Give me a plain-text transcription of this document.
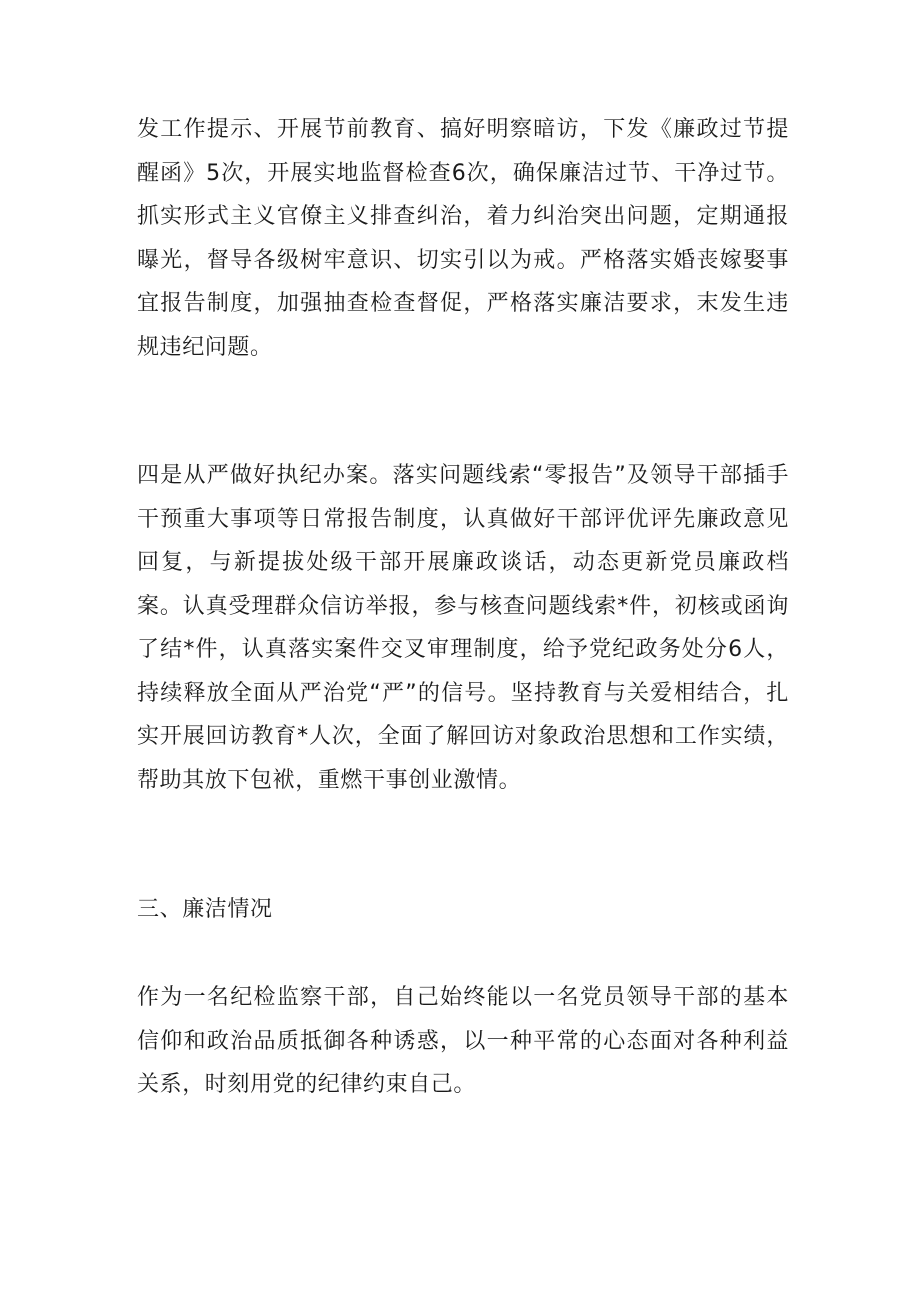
发工作提示、开展节前教育、搞好明察暗访，下发《廉政过节提醒函》5次，开展实地监督检查6次，确保廉洁过节、干净过节。抓实形式主义官僚主义排查纠治，着力纠治突出问题，定期通报曝光，督导各级树牢意识、切实引以为戒。严格落实婚丧嫁娶事宜报告制度，加强抽查检查督促，严格落实廉洁要求，末发生违规违纪问题。

四是从严做好执纪办案。落实问题线索“零报告”及领导干部插手干预重大事项等日常报告制度，认真做好干部评优评先廉政意见回复，与新提拔处级干部开展廉政谈话，动态更新党员廉政档案。认真受理群众信访举报，参与核查问题线索*件，初核或函询了结*件，认真落实案件交叉审理制度，给予党纪政务处分6人，持续释放全面从严治党“严”的信号。坚持教育与关爱相结合，扎实开展回访教育*人次，全面了解回访对象政治思想和工作实绩，帮助其放下包袱，重燃干事创业激情。

三、廉洁情况

作为一名纪检监察干部，自己始终能以一名党员领导干部的基本信仰和政治品质抵御各种诱惑，以一种平常的心态面对各种利益关系，时刻用党的纪律约束自己。
